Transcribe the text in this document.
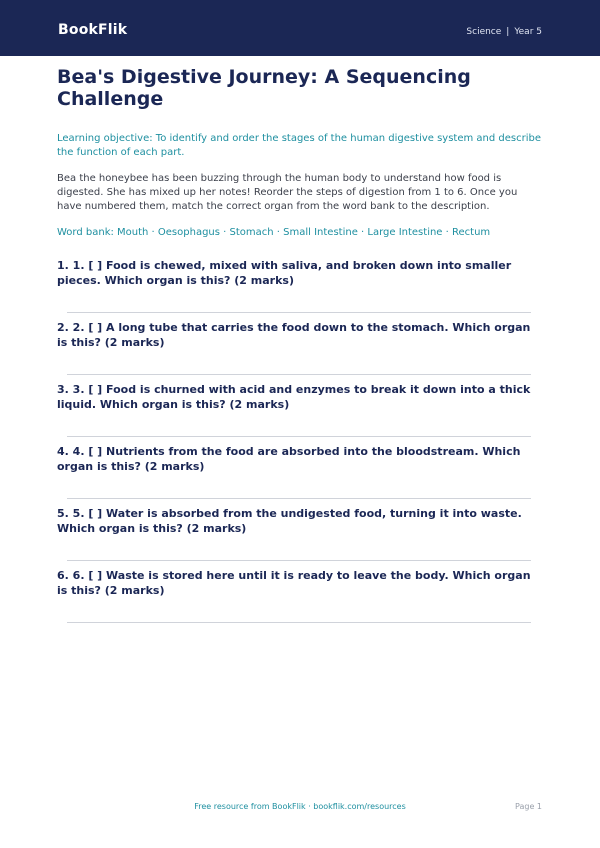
BookFlik	Science | Year 5
Bea's Digestive Journey: A Sequencing Challenge

Learning objective: To identify and order the stages of the human digestive system and describe the function of each part.

Bea the honeybee has been buzzing through the human body to understand how food is digested. She has mixed up her notes! Reorder the steps of digestion from 1 to 6. Once you have numbered them, match the correct organ from the word bank to the description.

Word bank: Mouth · Oesophagus · Stomach · Small Intestine · Large Intestine · Rectum

1. 1. [ ] Food is chewed, mixed with saliva, and broken down into smaller pieces. Which organ is this? (2 marks)
2. 2. [ ] A long tube that carries the food down to the stomach. Which organ is this? (2 marks)
3. 3. [ ] Food is churned with acid and enzymes to break it down into a thick liquid. Which organ is this? (2 marks)
4. 4. [ ] Nutrients from the food are absorbed into the bloodstream. Which organ is this? (2 marks)
5. 5. [ ] Water is absorbed from the undigested food, turning it into waste. Which organ is this? (2 marks)
6. 6. [ ] Waste is stored here until it is ready to leave the body. Which organ is this? (2 marks)
Free resource from BookFlik · bookflik.com/resources	Page 1
